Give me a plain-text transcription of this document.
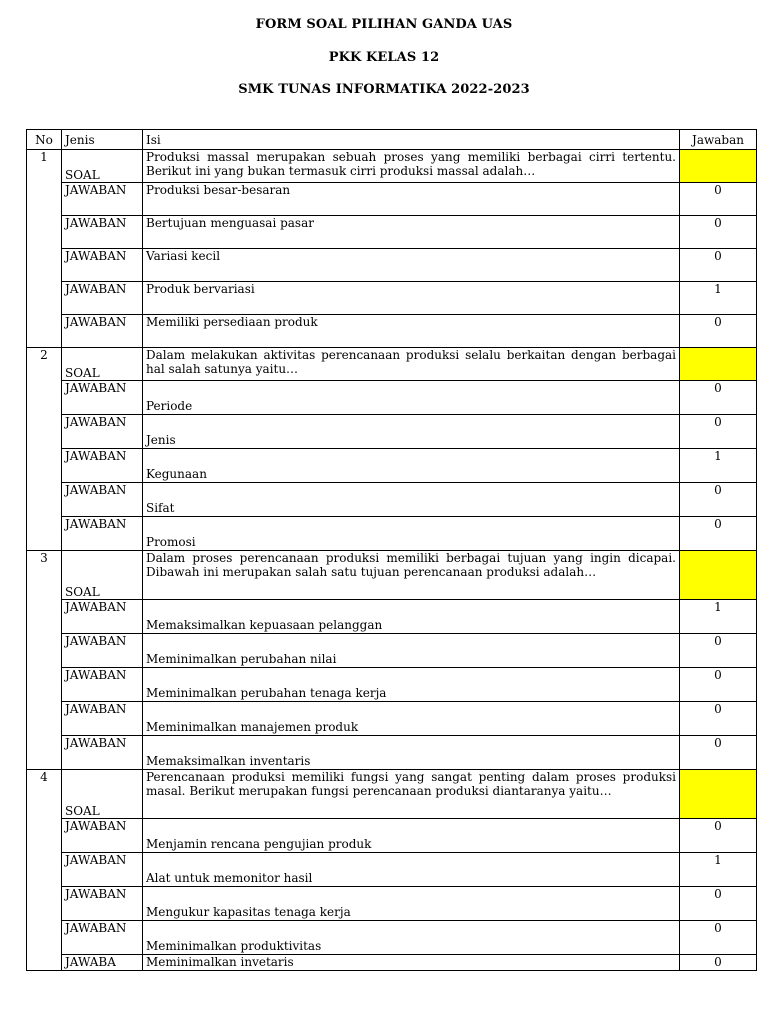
FORM SOAL PILIHAN GANDA UAS
PKK KELAS 12
SMK TUNAS INFORMATIKA 2022-2023
No	Jenis	Isi	Jawaban
1	SOAL	Produksi massal merupakan sebuah proses yang memiliki berbagai cirri tertentu. Berikut ini yang bukan termasuk cirri produksi massal adalah…	
	JAWABAN	Produksi besar-besaran	0
	JAWABAN	Bertujuan menguasai pasar	0
	JAWABAN	Variasi kecil	0
	JAWABAN	Produk bervariasi	1
	JAWABAN	Memiliki persediaan produk	0
2	SOAL	Dalam melakukan aktivitas perencanaan produksi selalu berkaitan dengan berbagai hal salah satunya yaitu…	
	JAWABAN	Periode	0
	JAWABAN	Jenis	0
	JAWABAN	Kegunaan	1
	JAWABAN	Sifat	0
	JAWABAN	Promosi	0
3	SOAL	Dalam proses perencanaan produksi memiliki berbagai tujuan yang ingin dicapai. Dibawah ini merupakan salah satu tujuan perencanaan produksi adalah…	
	JAWABAN	Memaksimalkan kepuasaan pelanggan	1
	JAWABAN	Meminimalkan perubahan nilai	0
	JAWABAN	Meminimalkan perubahan tenaga kerja	0
	JAWABAN	Meminimalkan manajemen produk	0
	JAWABAN	Memaksimalkan inventaris	0
4	SOAL	Perencanaan produksi memiliki fungsi yang sangat penting dalam proses produksi masal. Berikut merupakan fungsi perencanaan produksi diantaranya yaitu…	
	JAWABAN	Menjamin rencana pengujian produk	0
	JAWABAN	Alat untuk memonitor hasil	1
	JAWABAN	Mengukur kapasitas tenaga kerja	0
	JAWABAN	Meminimalkan produktivitas	0
	JAWABA	Meminimalkan invetaris	0
